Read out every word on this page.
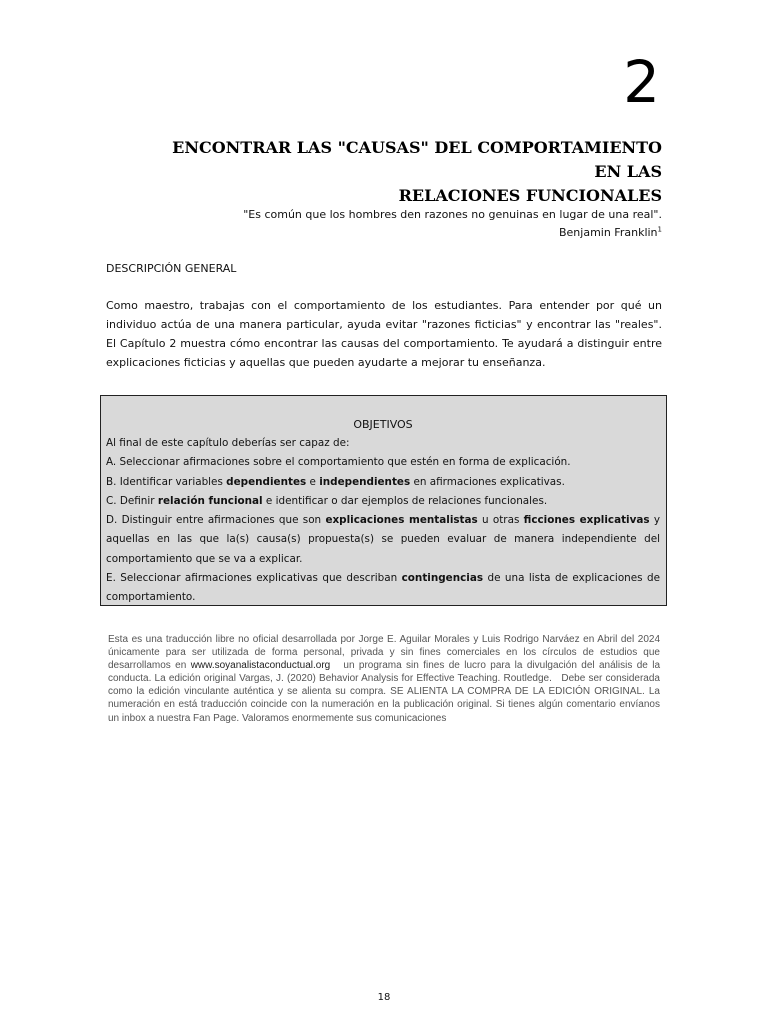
2
ENCONTRAR LAS "CAUSAS" DEL COMPORTAMIENTO EN LAS
RELACIONES FUNCIONALES
"Es común que los hombres den razones no genuinas en lugar de una real".
Benjamin Franklin$^1$
DESCRIPCIÓN GENERAL

Como maestro, trabajas con el comportamiento de los estudiantes. Para entender por qué un individuo actúa de una manera particular, ayuda evitar "razones ficticias" y encontrar las "reales". El Capítulo 2 muestra cómo encontrar las causas del comportamiento. Te ayudará a distinguir entre explicaciones ficticias y aquellas que pueden ayudarte a mejorar tu enseñanza.

OBJETIVOS
Al final de este capítulo deberías ser capaz de:
A. Seleccionar afirmaciones sobre el comportamiento que estén en forma de explicación.
B. Identificar variables dependientes e independientes en afirmaciones explicativas.
C. Definir relación funcional e identificar o dar ejemplos de relaciones funcionales.
D. Distinguir entre afirmaciones que son explicaciones mentalistas u otras ficciones explicativas y aquellas en las que la(s) causa(s) propuesta(s) se pueden evaluar de manera independiente del comportamiento que se va a explicar.
E. Seleccionar afirmaciones explicativas que describan contingencias de una lista de explicaciones de comportamiento.
Esta es una traducción libre no oficial desarrollada por Jorge E. Aguilar Morales y Luis Rodrigo Narváez en Abril del 2024 únicamente para ser utilizada de forma personal, privada y sin fines comerciales en los círculos de estudios que desarrollamos en www.soyanalistaconductual.org   un programa sin fines de lucro para la divulgación del análisis de la conducta. La edición original Vargas, J. (2020) Behavior Analysis for Effective Teaching. Routledge.   Debe ser considerada como la edición vinculante auténtica y se alienta su compra. SE ALIENTA LA COMPRA DE LA EDICIÓN ORIGINAL. La numeración en está traducción coincide con la numeración en la publicación original. Si tienes algún comentario envíanos un inbox a nuestra Fan Page. Valoramos enormemente sus comunicaciones
18
